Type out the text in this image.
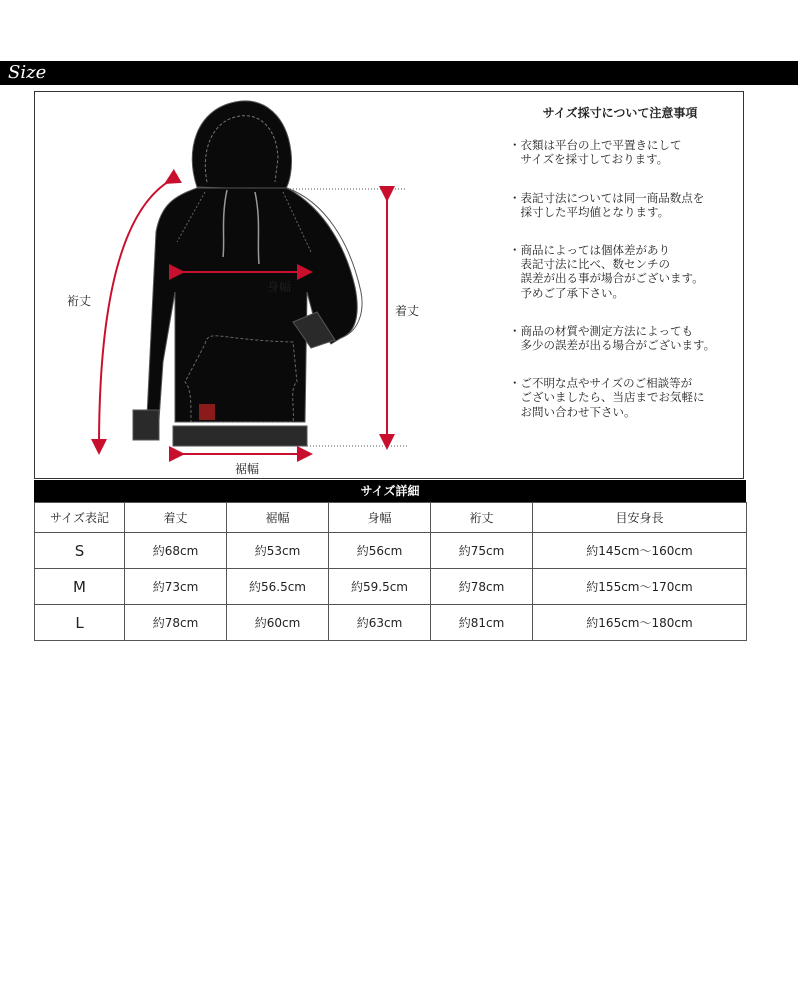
Size
裄丈
身幅
着丈
裾幅
サイズ採寸について注意事項
・衣類は平台の上で平置きにして
　サイズを採寸しております。
・表記寸法については同一商品数点を
　採寸した平均値となります。
・商品によっては個体差があり
　表記寸法に比べ、数センチの
　誤差が出る事が場合がございます。
　予めご了承下さい。
・商品の材質や測定方法によっても
　多少の誤差が出る場合がございます。
・ご不明な点やサイズのご相談等が
　ございましたら、当店までお気軽に
　お問い合わせ下さい。
サイズ詳細
サイズ表記	着丈	裾幅	身幅	裄丈	目安身長
S	約68cm	約53cm	約56cm	約75cm	約145cm〜160cm
M	約73cm	約56.5cm	約59.5cm	約78cm	約155cm〜170cm
L	約78cm	約60cm	約63cm	約81cm	約165cm〜180cm
